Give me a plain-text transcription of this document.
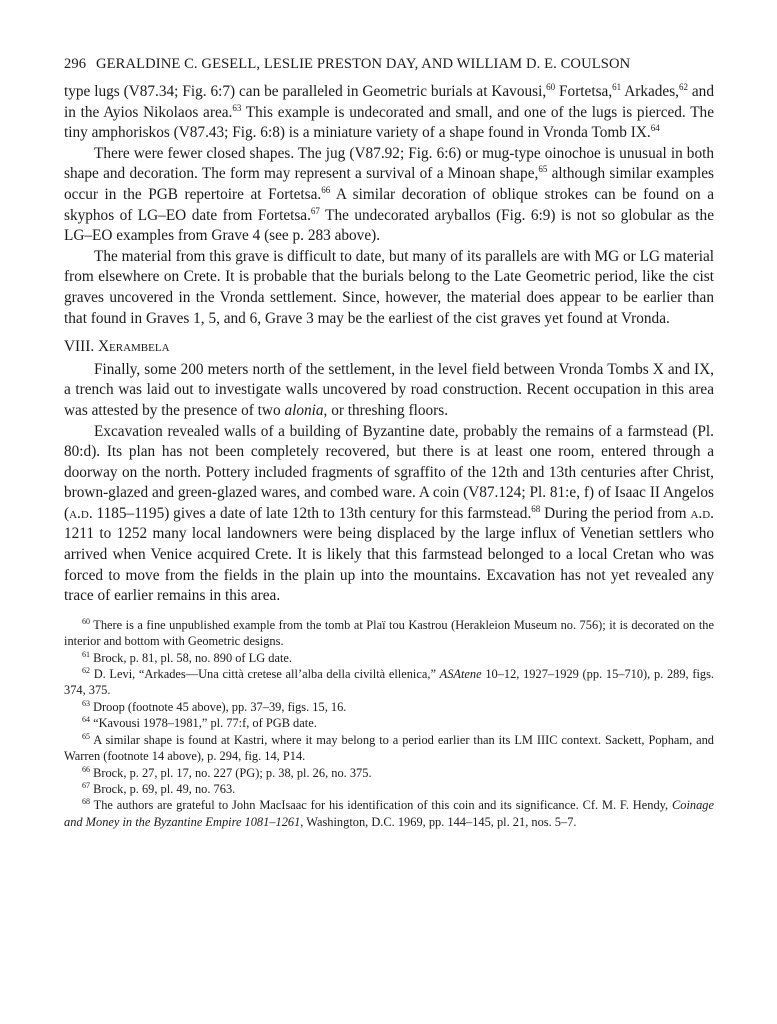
296 GERALDINE C. GESELL, LESLIE PRESTON DAY, AND WILLIAM D. E. COULSON

type lugs (V87.34; Fig. 6:7) can be paralleled in Geometric burials at Kavousi,$^{60}$ Fortetsa,$^{61}$ Arkades,$^{62}$ and in the Ayios Nikolaos area.$^{63}$ This example is undecorated and small, and one of the lugs is pierced. The tiny amphoriskos (V87.43; Fig. 6:8) is a miniature variety of a shape found in Vronda Tomb IX.$^{64}$

There were fewer closed shapes. The jug (V87.92; Fig. 6:6) or mug-type oinochoe is unusual in both shape and decoration. The form may represent a survival of a Minoan shape,$^{65}$ although similar examples occur in the PGB repertoire at Fortetsa.$^{66}$ A similar decoration of oblique strokes can be found on a skyphos of LG–EO date from Fortetsa.$^{67}$ The undecorated aryballos (Fig. 6:9) is not so globular as the LG–EO examples from Grave 4 (see p. 283 above).

The material from this grave is difficult to date, but many of its parallels are with MG or LG material from elsewhere on Crete. It is probable that the burials belong to the Late Geometric period, like the cist graves uncovered in the Vronda settlement. Since, however, the material does appear to be earlier than that found in Graves 1, 5, and 6, Grave 3 may be the earliest of the cist graves yet found at Vronda.

VIII. Xerambela

Finally, some 200 meters north of the settlement, in the level field between Vronda Tombs X and IX, a trench was laid out to investigate walls uncovered by road construction. Recent occupation in this area was attested by the presence of two alonia, or threshing floors.

Excavation revealed walls of a building of Byzantine date, probably the remains of a farmstead (Pl. 80:d). Its plan has not been completely recovered, but there is at least one room, entered through a doorway on the north. Pottery included fragments of sgraffito of the 12th and 13th centuries after Christ, brown-glazed and green-glazed wares, and combed ware. A coin (V87.124; Pl. 81:e, f) of Isaac II Angelos (a.d. 1185–1195) gives a date of late 12th to 13th century for this farmstead.$^{68}$ During the period from a.d. 1211 to 1252 many local landowners were being displaced by the large influx of Venetian settlers who arrived when Venice acquired Crete. It is likely that this farmstead belonged to a local Cretan who was forced to move from the fields in the plain up into the mountains. Excavation has not yet revealed any trace of earlier remains in this area.

$^{60}$ There is a fine unpublished example from the tomb at Plaï tou Kastrou (Herakleion Museum no. 756); it is decorated on the interior and bottom with Geometric designs.

$^{61}$ Brock, p. 81, pl. 58, no. 890 of LG date.

$^{62}$ D. Levi, “Arkades—Una città cretese all’alba della civiltà ellenica,” ASAtene 10–12, 1927–1929 (pp. 15–710), p. 289, figs. 374, 375.

$^{63}$ Droop (footnote 45 above), pp. 37–39, figs. 15, 16.

$^{64}$ “Kavousi 1978–1981,” pl. 77:f, of PGB date.

$^{65}$ A similar shape is found at Kastri, where it may belong to a period earlier than its LM IIIC context. Sackett, Popham, and Warren (footnote 14 above), p. 294, fig. 14, P14.

$^{66}$ Brock, p. 27, pl. 17, no. 227 (PG); p. 38, pl. 26, no. 375.

$^{67}$ Brock, p. 69, pl. 49, no. 763.

$^{68}$ The authors are grateful to John MacIsaac for his identification of this coin and its significance. Cf. M. F. Hendy, Coinage and Money in the Byzantine Empire 1081–1261, Washington, D.C. 1969, pp. 144–145, pl. 21, nos. 5–7.
